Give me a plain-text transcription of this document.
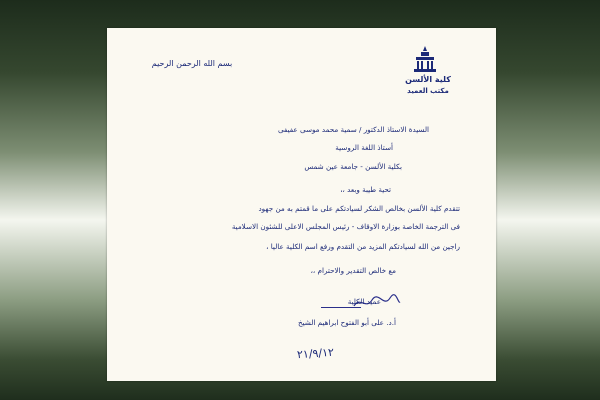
كلية الألسن
مكتب العميد
بسم الله الرحمن الرحيم
السيدة الاستاذ الدكتور / سمية محمد موسى عفيفى
أستاذ اللغة الروسية
بكلية الألسن - جامعة عين شمس
تحية طيبة وبعد ،،
تتقدم كلية الألسن بخالص الشكر لسيادتكم على ما قمتم به من جهود
فى الترجمة الخاصة بوزارة الاوقاف - رئيس المجلس الاعلى للشئون الاسلامية
راجين من الله لسيادتكم المزيد من التقدم ورفع اسم الكلية عاليا ،
مع خالص التقدير والاحترام ،،
عميد الكلية
أ.د. على أبو الفتوح ابراهيم الشيخ
٢١/٩/١٢
